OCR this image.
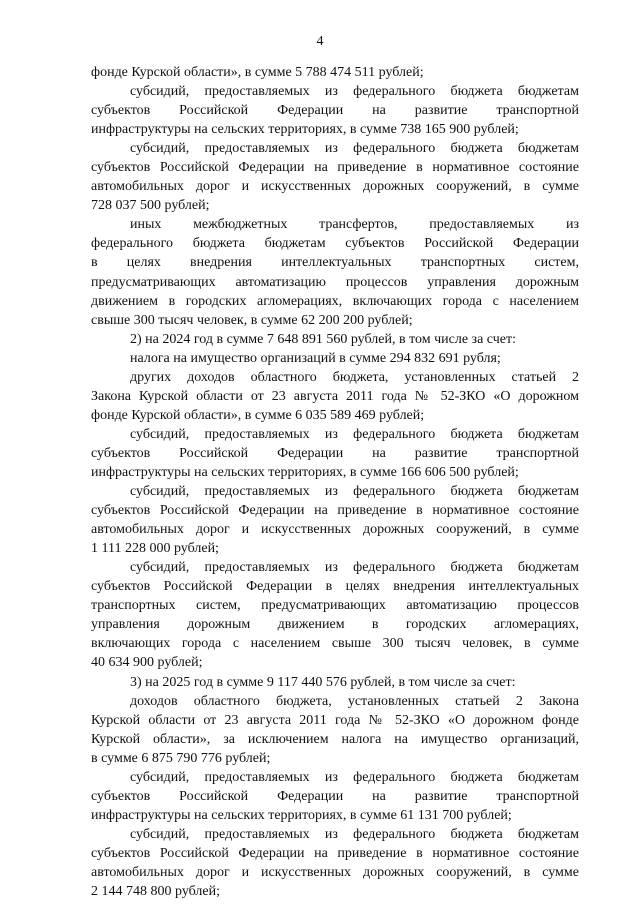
4
фонде Курской области», в сумме 5 788 474 511 рублей;
субсидий, предоставляемых из федерального бюджета бюджетам
субъектов Российской Федерации на развитие транспортной
инфраструктуры на сельских территориях, в сумме 738 165 900 рублей;
субсидий, предоставляемых из федерального бюджета бюджетам
субъектов Российской Федерации на приведение в нормативное состояние
автомобильных дорог и искусственных дорожных сооружений, в сумме
728 037 500 рублей;
иных межбюджетных трансфертов, предоставляемых из
федерального бюджета бюджетам субъектов Российской Федерации
в целях внедрения интеллектуальных транспортных систем,
предусматривающих автоматизацию процессов управления дорожным
движением в городских агломерациях, включающих города с населением
свыше 300 тысяч человек, в сумме 62 200 200 рублей;
2) на 2024 год в сумме 7 648 891 560 рублей, в том числе за счет:
налога на имущество организаций в сумме 294 832 691 рубля;
других доходов областного бюджета, установленных статьей 2
Закона Курской области от 23 августа 2011 года № 52-ЗКО «О дорожном
фонде Курской области», в сумме 6 035 589 469 рублей;
субсидий, предоставляемых из федерального бюджета бюджетам
субъектов Российской Федерации на развитие транспортной
инфраструктуры на сельских территориях, в сумме 166 606 500 рублей;
субсидий, предоставляемых из федерального бюджета бюджетам
субъектов Российской Федерации на приведение в нормативное состояние
автомобильных дорог и искусственных дорожных сооружений, в сумме
1 111 228 000 рублей;
субсидий, предоставляемых из федерального бюджета бюджетам
субъектов Российской Федерации в целях внедрения интеллектуальных
транспортных систем, предусматривающих автоматизацию процессов
управления дорожным движением в городских агломерациях,
включающих города с населением свыше 300 тысяч человек, в сумме
40 634 900 рублей;
3) на 2025 год в сумме 9 117 440 576 рублей, в том числе за счет:
доходов областного бюджета, установленных статьей 2 Закона
Курской области от 23 августа 2011 года № 52-ЗКО «О дорожном фонде
Курской области», за исключением налога на имущество организаций,
в сумме 6 875 790 776 рублей;
субсидий, предоставляемых из федерального бюджета бюджетам
субъектов Российской Федерации на развитие транспортной
инфраструктуры на сельских территориях, в сумме 61 131 700 рублей;
субсидий, предоставляемых из федерального бюджета бюджетам
субъектов Российской Федерации на приведение в нормативное состояние
автомобильных дорог и искусственных дорожных сооружений, в сумме
2 144 748 800 рублей;
